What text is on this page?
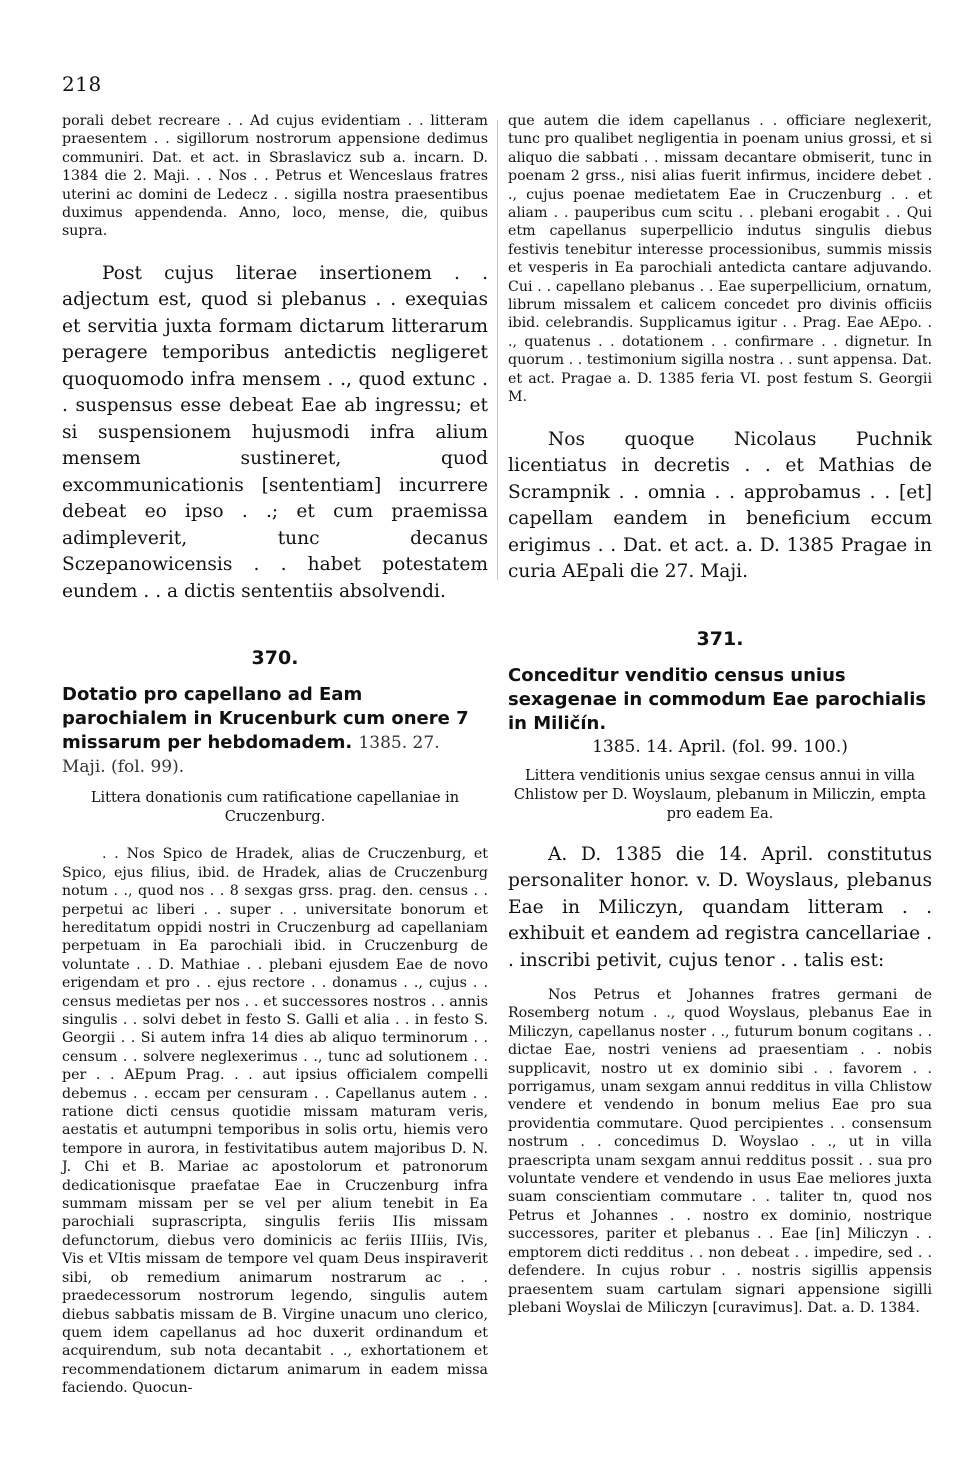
218

porali debet recreare . . Ad cujus evidentiam . . litteram praesentem . . sigillorum nostrorum appensione dedimus communiri. Dat. et act. in Sbraslavicz sub a. incarn. D. 1384 die 2. Maji. . . Nos . . Petrus et Wenceslaus fratres uterini ac domini de Ledecz . . sigilla nostra praesentibus duximus appendenda. Anno, loco, mense, die, quibus supra.

Post cujus literae insertionem . . adjectum est, quod si plebanus . . exequias et servitia juxta formam dictarum litterarum peragere temporibus antedictis negligeret quoquomodo infra mensem . ., quod extunc . . suspensus esse debeat Eae ab ingressu; et si suspensionem hujusmodi infra alium mensem sustineret, quod excommunicationis [sententiam] incurrere debeat eo ipso . .; et cum praemissa adimpleverit, tunc decanus Sczepanowicensis . . habet potestatem eundem . . a dictis sententiis absolvendi.

370.

Dotatio pro capellano ad Eam parochialem in Krucenburk cum onere 7 missarum per hebdomadem. 1385. 27. Maji. (fol. 99).

Littera donationis cum ratificatione capellaniae in Cruczenburg.

. . Nos Spico de Hradek, alias de Cruczenburg, et Spico, ejus filius, ibid. de Hradek, alias de Cruczenburg notum . ., quod nos . . 8 sexgas grss. prag. den. census . . perpetui ac liberi . . super . . universitate bonorum et hereditatum oppidi nostri in Cruczenburg ad capellaniam perpetuam in Ea parochiali ibid. in Cruczenburg de voluntate . . D. Mathiae . . plebani ejusdem Eae de novo erigendam et pro . . ejus rectore . . donamus . ., cujus . . census medietas per nos . . et successores nostros . . annis singulis . . solvi debet in festo S. Galli et alia . . in festo S. Georgii . . Si autem infra 14 dies ab aliquo terminorum . . censum . . solvere neglexerimus . ., tunc ad solutionem . . per . . AEpum Prag. . . aut ipsius officialem compelli debemus . . eccam per censuram . . Capellanus autem . . ratione dicti census quotidie missam maturam veris, aestatis et autumpni temporibus in solis ortu, hiemis vero tempore in aurora, in festivitatibus autem majoribus D. N. J. Chi et B. Mariae ac apostolorum et patronorum dedicationisque praefatae Eae in Cruczenburg infra summam missam per se vel per alium tenebit in Ea parochiali suprascripta, singulis feriis IIis missam defunctorum, diebus vero dominicis ac feriis IIIiis, IVis, Vis et VItis missam de tempore vel quam Deus inspiraverit sibi, ob remedium animarum nostrarum ac . . praedecessorum nostrorum legendo, singulis autem diebus sabbatis missam de B. Virgine unacum uno clerico, quem idem capellanus ad hoc duxerit ordinandum et acquirendum, sub nota decantabit . ., exhortationem et recommendationem dictarum animarum in eadem missa faciendo. Quocun-

que autem die idem capellanus . . officiare neglexerit, tunc pro qualibet negligentia in poenam unius grossi, et si aliquo die sabbati . . missam decantare obmiserit, tunc in poenam 2 grss., nisi alias fuerit infirmus, incidere debet . ., cujus poenae medietatem Eae in Cruczenburg . . et aliam . . pauperibus cum scitu . . plebani erogabit . . Qui etm capellanus superpellicio indutus singulis diebus festivis tenebitur interesse processionibus, summis missis et vesperis in Ea parochiali antedicta cantare adjuvando. Cui . . capellano plebanus . . Eae superpellicium, ornatum, librum missalem et calicem concedet pro divinis officiis ibid. celebrandis. Supplicamus igitur . . Prag. Eae AEpo. . ., quatenus . . dotationem . . confirmare . . dignetur. In quorum . . testimonium sigilla nostra . . sunt appensa. Dat. et act. Pragae a. D. 1385 feria VI. post festum S. Georgii M.

Nos quoque Nicolaus Puchnik licentiatus in decretis . . et Mathias de Scrampnik . . omnia . . approbamus . . [et] capellam eandem in beneficium eccum erigimus . . Dat. et act. a. D. 1385 Pragae in curia AEpali die 27. Maji.

371.

Conceditur venditio census unius sexagenae in commodum Eae parochialis in Miličín.

1385. 14. April. (fol. 99. 100.)

Littera venditionis unius sexgae census annui in villa Chlistow per D. Woyslaum, plebanum in Miliczin, empta pro eadem Ea.

A. D. 1385 die 14. April. constitutus personaliter honor. v. D. Woyslaus, plebanus Eae in Miliczyn, quandam litteram . . exhibuit et eandem ad registra cancellariae . . inscribi petivit, cujus tenor . . talis est:

Nos Petrus et Johannes fratres germani de Rosemberg notum . ., quod Woyslaus, plebanus Eae in Miliczyn, capellanus noster . ., futurum bonum cogitans . . dictae Eae, nostri veniens ad praesentiam . . nobis supplicavit, nostro ut ex dominio sibi . . favorem . . porrigamus, unam sexgam annui redditus in villa Chlistow vendere et vendendo in bonum melius Eae pro sua providentia commutare. Quod percipientes . . consensum nostrum . . concedimus D. Woyslao . ., ut in villa praescripta unam sexgam annui redditus possit . . sua pro voluntate vendere et vendendo in usus Eae meliores juxta suam conscientiam commutare . . taliter tn, quod nos Petrus et Johannes . . nostro ex dominio, nostrique successores, pariter et plebanus . . Eae [in] Miliczyn . . emptorem dicti redditus . . non debeat . . impedire, sed . . defendere. In cujus robur . . nostris sigillis appensis praesentem suam cartulam signari appensione sigilli plebani Woyslai de Miliczyn [curavimus]. Dat. a. D. 1384.
